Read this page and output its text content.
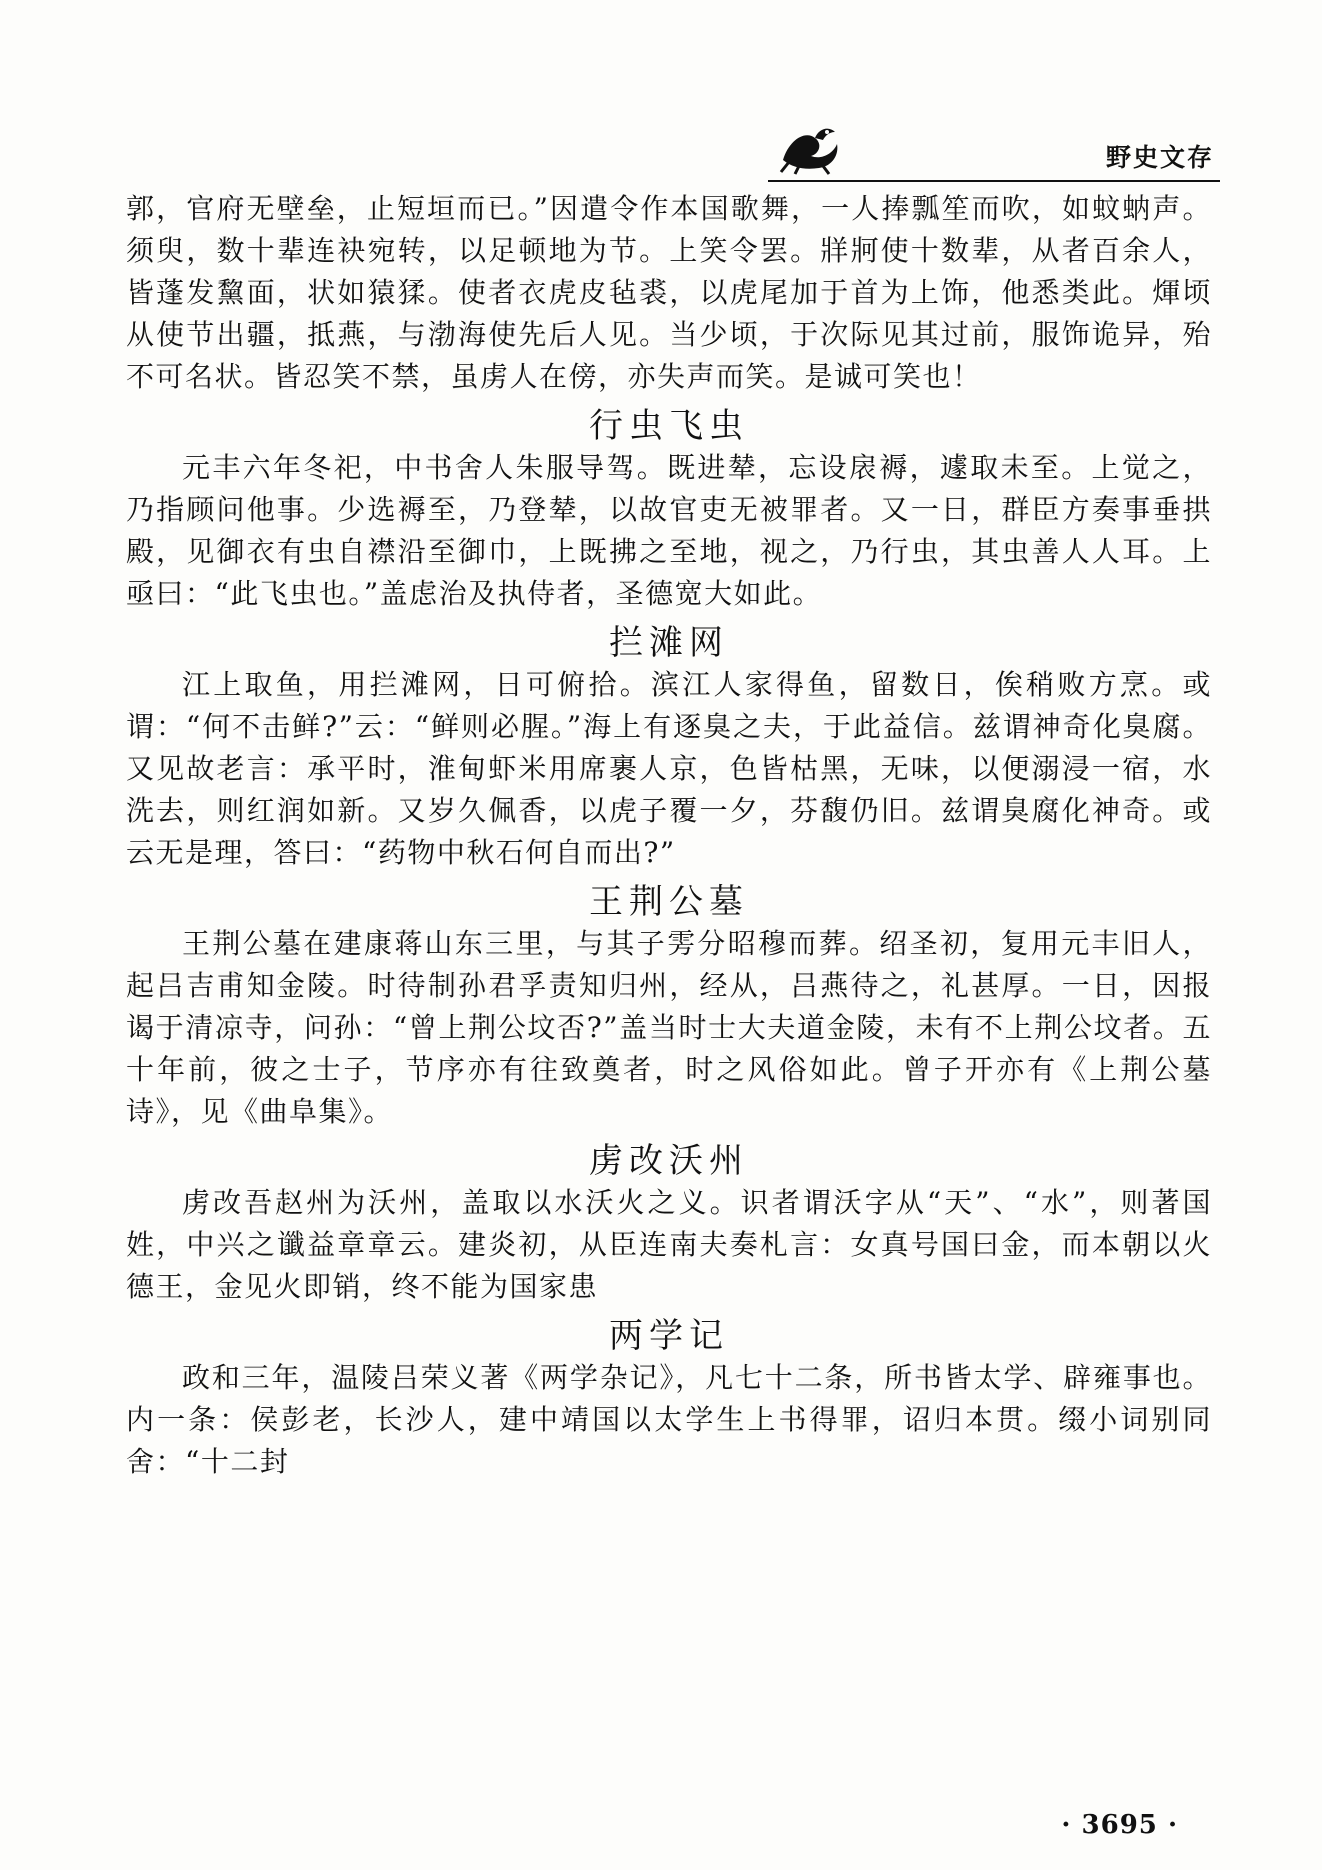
野史文存

郭，官府无壁垒，止短垣而已。”因遣令作本国歌舞，一人捧瓢笙而吹，如蚊蚋声。须臾，数十辈连袂宛转，以足顿地为节。上笑令罢。牂牁使十数辈，从者百余人，皆蓬发黧面，状如猿猱。使者衣虎皮毡裘，以虎尾加于首为上饰，他悉类此。煇顷从使节出疆，抵燕，与渤海使先后人见。当少顷，于次际见其过前，服饰诡异，殆不可名状。皆忍笑不禁，虽虏人在傍，亦失声而笑。是诚可笑也！

行虫飞虫

元丰六年冬祀，中书舍人朱服导驾。既进辇，忘设扆褥，遽取未至。上觉之，乃指顾问他事。少选褥至，乃登辇，以故官吏无被罪者。又一日，群臣方奏事垂拱殿，见御衣有虫自襟沿至御巾，上既拂之至地，视之，乃行虫，其虫善人人耳。上亟曰：“此飞虫也。”盖虑治及执侍者，圣德宽大如此。

拦滩网

江上取鱼，用拦滩网，日可俯拾。滨江人家得鱼，留数日，俟稍败方烹。或谓：“何不击鲜?”云：“鲜则必腥。”海上有逐臭之夫，于此益信。兹谓神奇化臭腐。又见故老言：承平时，淮甸虾米用席裹人京，色皆枯黑，无味，以便溺浸一宿，水洗去，则红润如新。又岁久佩香，以虎子覆一夕，芬馥仍旧。兹谓臭腐化神奇。或云无是理，答曰：“药物中秋石何自而出?”

王荆公墓

王荆公墓在建康蒋山东三里，与其子雱分昭穆而葬。绍圣初，复用元丰旧人，起吕吉甫知金陵。时待制孙君孚责知归州，经从，吕燕待之，礼甚厚。一日，因报谒于清凉寺，问孙：“曾上荆公坟否?”盖当时士大夫道金陵，未有不上荆公坟者。五十年前，彼之士子，节序亦有往致奠者，时之风俗如此。曾子开亦有《上荆公墓诗》，见《曲阜集》。

虏改沃州

虏改吾赵州为沃州，盖取以水沃火之义。识者谓沃字从“天”、“水”，则著国姓，中兴之谶益章章云。建炎初，从臣连南夫奏札言：女真号国曰金，而本朝以火德王，金见火即销，终不能为国家患

两学记

政和三年，温陵吕荣义著《两学杂记》，凡七十二条，所书皆太学、辟雍事也。内一条：侯彭老，长沙人，建中靖国以太学生上书得罪，诏归本贯。缀小词别同舍：“十二封

· 3695 ·
